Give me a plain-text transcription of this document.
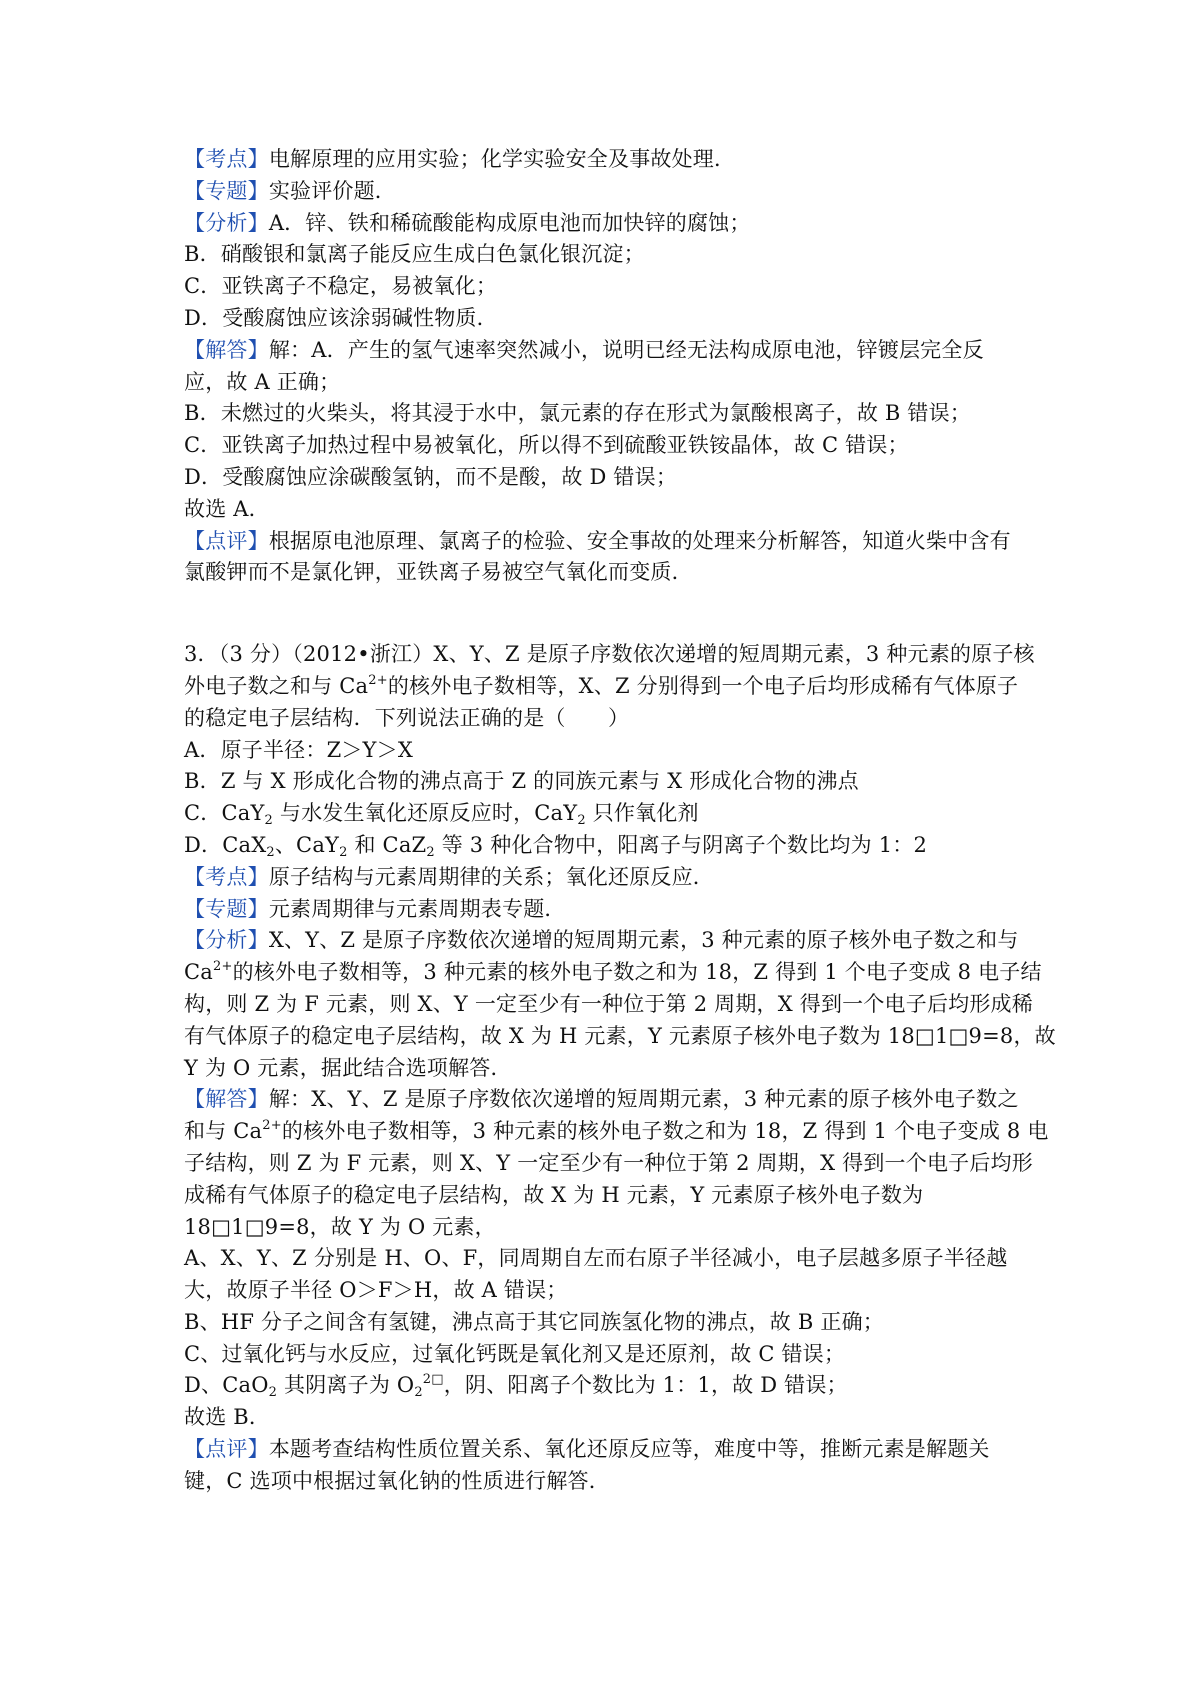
【考点】电解原理的应用实验；化学实验安全及事故处理．
【专题】实验评价题．
【分析】A．锌、铁和稀硫酸能构成原电池而加快锌的腐蚀；
B．硝酸银和氯离子能反应生成白色氯化银沉淀；
C．亚铁离子不稳定，易被氧化；
D．受酸腐蚀应该涂弱碱性物质．
【解答】解：A．产生的氢气速率突然减小，说明已经无法构成原电池，锌镀层完全反
应，故 A 正确；
B．未燃过的火柴头，将其浸于水中，氯元素的存在形式为氯酸根离子，故 B 错误；
C．亚铁离子加热过程中易被氧化，所以得不到硫酸亚铁铵晶体，故 C 错误；
D．受酸腐蚀应涂碳酸氢钠，而不是酸，故 D 错误；
故选 A．
【点评】根据原电池原理、氯离子的检验、安全事故的处理来分析解答，知道火柴中含有
氯酸钾而不是氯化钾，亚铁离子易被空气氧化而变质．
3．（3 分）（2012•浙江）X、Y、Z 是原子序数依次递增的短周期元素，3 种元素的原子核
外电子数之和与 $Ca^{2+}$的核外电子数相等，X、Z 分别得到一个电子后均形成稀有气体原子
的稳定电子层结构．下列说法正确的是（　　）
A．原子半径：Z＞Y＞X
B．Z 与 X 形成化合物的沸点高于 Z 的同族元素与 X 形成化合物的沸点
C．CaY$_2$ 与水发生氧化还原反应时，CaY$_2$ 只作氧化剂
D．CaX$_2$、CaY$_2$ 和 CaZ$_2$ 等 3 种化合物中，阳离子与阴离子个数比均为 1：2
【考点】原子结构与元素周期律的关系；氧化还原反应．
【专题】元素周期律与元素周期表专题．
【分析】X、Y、Z 是原子序数依次递增的短周期元素，3 种元素的原子核外电子数之和与
$Ca^{2+}$的核外电子数相等，3 种元素的核外电子数之和为 18，Z 得到 1 个电子变成 8 电子结
构，则 Z 为 F 元素，则 X、Y 一定至少有一种位于第 2 周期，X 得到一个电子后均形成稀
有气体原子的稳定电子层结构，故 X 为 H 元素，Y 元素原子核外电子数为 18□1□9=8，故
Y 为 O 元素，据此结合选项解答．
【解答】解：X、Y、Z 是原子序数依次递增的短周期元素，3 种元素的原子核外电子数之
和与 $Ca^{2+}$的核外电子数相等，3 种元素的核外电子数之和为 18，Z 得到 1 个电子变成 8 电
子结构，则 Z 为 F 元素，则 X、Y 一定至少有一种位于第 2 周期，X 得到一个电子后均形
成稀有气体原子的稳定电子层结构，故 X 为 H 元素，Y 元素原子核外电子数为
18□1□9=8，故 Y 为 O 元素，
A、X、Y、Z 分别是 H、O、F，同周期自左而右原子半径减小，电子层越多原子半径越
大，故原子半径 O＞F＞H，故 A 错误；
B、HF 分子之间含有氢键，沸点高于其它同族氢化物的沸点，故 B 正确；
C、过氧化钙与水反应，过氧化钙既是氧化剂又是还原剂，故 C 错误；
D、CaO$_2$ 其阴离子为 $O_2^{2□}$，阴、阳离子个数比为 1：1，故 D 错误；
故选 B．
【点评】本题考查结构性质位置关系、氧化还原反应等，难度中等，推断元素是解题关
键，C 选项中根据过氧化钠的性质进行解答．
